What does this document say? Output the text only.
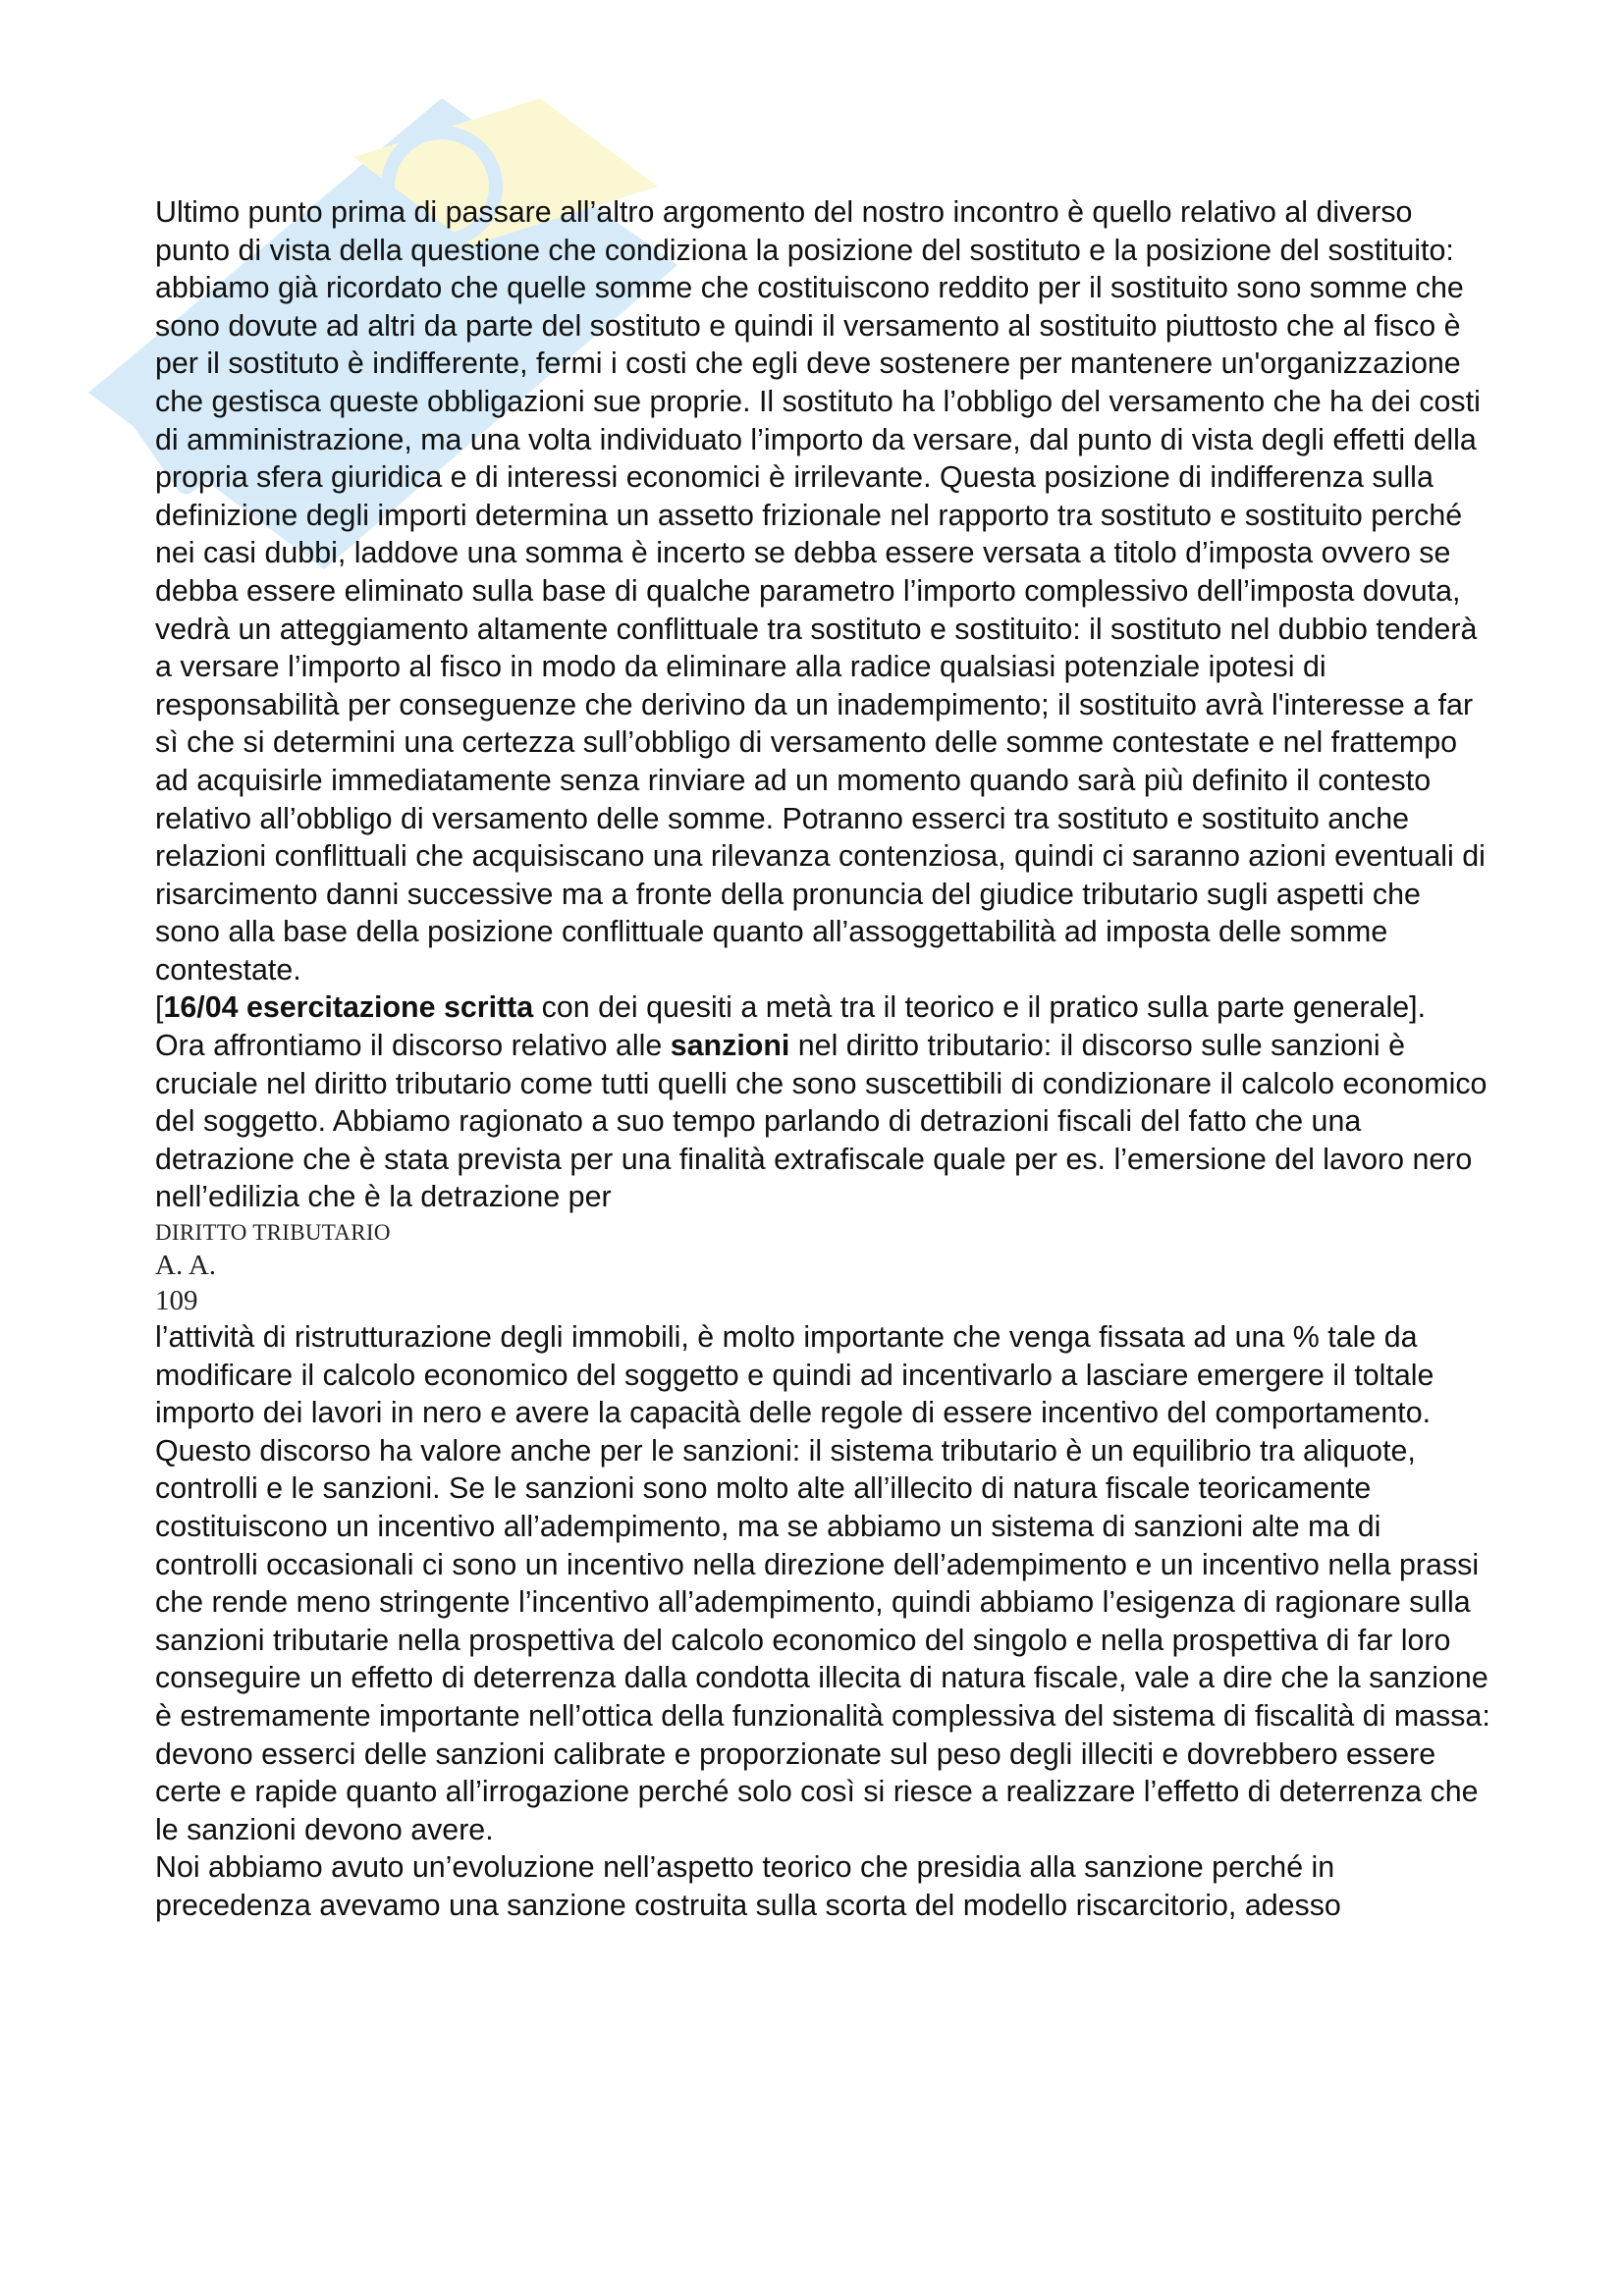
Ultimo punto prima di passare all’altro argomento del nostro incontro è quello relativo al diverso punto di vista della questione che condiziona la posizione del sostituto e la posizione del sostituito: abbiamo già ricordato che quelle somme che costituiscono reddito per il sostituito sono somme che sono dovute ad altri da parte del sostituto e quindi il versamento al sostituito piuttosto che al fisco è per il sostituto è indifferente, fermi i costi che egli deve sostenere per mantenere un'organizzazione che gestisca queste obbligazioni sue proprie. Il sostituto ha l’obbligo del versamento che ha dei costi di amministrazione, ma una volta individuato l’importo da versare, dal punto di vista degli effetti della propria sfera giuridica e di interessi economici è irrilevante. Questa posizione di indifferenza sulla definizione degli importi determina un assetto frizionale nel rapporto tra sostituto e sostituito perché nei casi dubbi, laddove una somma è incerto se debba essere versata a titolo d’imposta ovvero se debba essere eliminato sulla base di qualche parametro l’importo complessivo dell’imposta dovuta, vedrà un atteggiamento altamente conflittuale tra sostituto e sostituito: il sostituto nel dubbio tenderà a versare l’importo al fisco in modo da eliminare alla radice qualsiasi potenziale ipotesi di responsabilità per conseguenze che derivino da un inadempimento; il sostituito avrà l'interesse a far sì che si determini una certezza sull’obbligo di versamento delle somme contestate e nel frattempo ad acquisirle immediatamente senza rinviare ad un momento quando sarà più definito il contesto relativo all’obbligo di versamento delle somme. Potranno esserci tra sostituto e sostituito anche relazioni conflittuali che acquisiscano una rilevanza contenziosa, quindi ci saranno azioni eventuali di risarcimento danni successive ma a fronte della pronuncia del giudice tributario sugli aspetti che sono alla base della posizione conflittuale quanto all’assoggettabilità ad imposta delle somme contestate.

[16/04 esercitazione scritta con dei quesiti a metà tra il teorico e il pratico sulla parte generale].

Ora affrontiamo il discorso relativo alle sanzioni nel diritto tributario: il discorso sulle sanzioni è cruciale nel diritto tributario come tutti quelli che sono suscettibili di condizionare il calcolo economico del soggetto. Abbiamo ragionato a suo tempo parlando di detrazioni fiscali del fatto che una detrazione che è stata prevista per una finalità extrafiscale quale per es. l’emersione del lavoro nero nell’edilizia che è la detrazione per

DIRITTO TRIBUTARIO
A. A.
109

l’attività di ristrutturazione degli immobili, è molto importante che venga fissata ad una % tale da modificare il calcolo economico del soggetto e quindi ad incentivarlo a lasciare emergere il toltale importo dei lavori in nero e avere la capacità delle regole di essere incentivo del comportamento.

Questo discorso ha valore anche per le sanzioni: il sistema tributario è un equilibrio tra aliquote, controlli e le sanzioni. Se le sanzioni sono molto alte all’illecito di natura fiscale teoricamente costituiscono un incentivo all’adempimento, ma se abbiamo un sistema di sanzioni alte ma di controlli occasionali ci sono un incentivo nella direzione dell’adempimento e un incentivo nella prassi che rende meno stringente l’incentivo all’adempimento, quindi abbiamo l’esigenza di ragionare sulla sanzioni tributarie nella prospettiva del calcolo economico del singolo e nella prospettiva di far loro conseguire un effetto di deterrenza dalla condotta illecita di natura fiscale, vale a dire che la sanzione è estremamente importante nell’ottica della funzionalità complessiva del sistema di fiscalità di massa: devono esserci delle sanzioni calibrate e proporzionate sul peso degli illeciti e dovrebbero essere certe e rapide quanto all’irrogazione perché solo così si riesce a realizzare l’effetto di deterrenza che le sanzioni devono avere.

Noi abbiamo avuto un’evoluzione nell’aspetto teorico che presidia alla sanzione perché in precedenza avevamo una sanzione costruita sulla scorta del modello riscarcitorio, adesso
